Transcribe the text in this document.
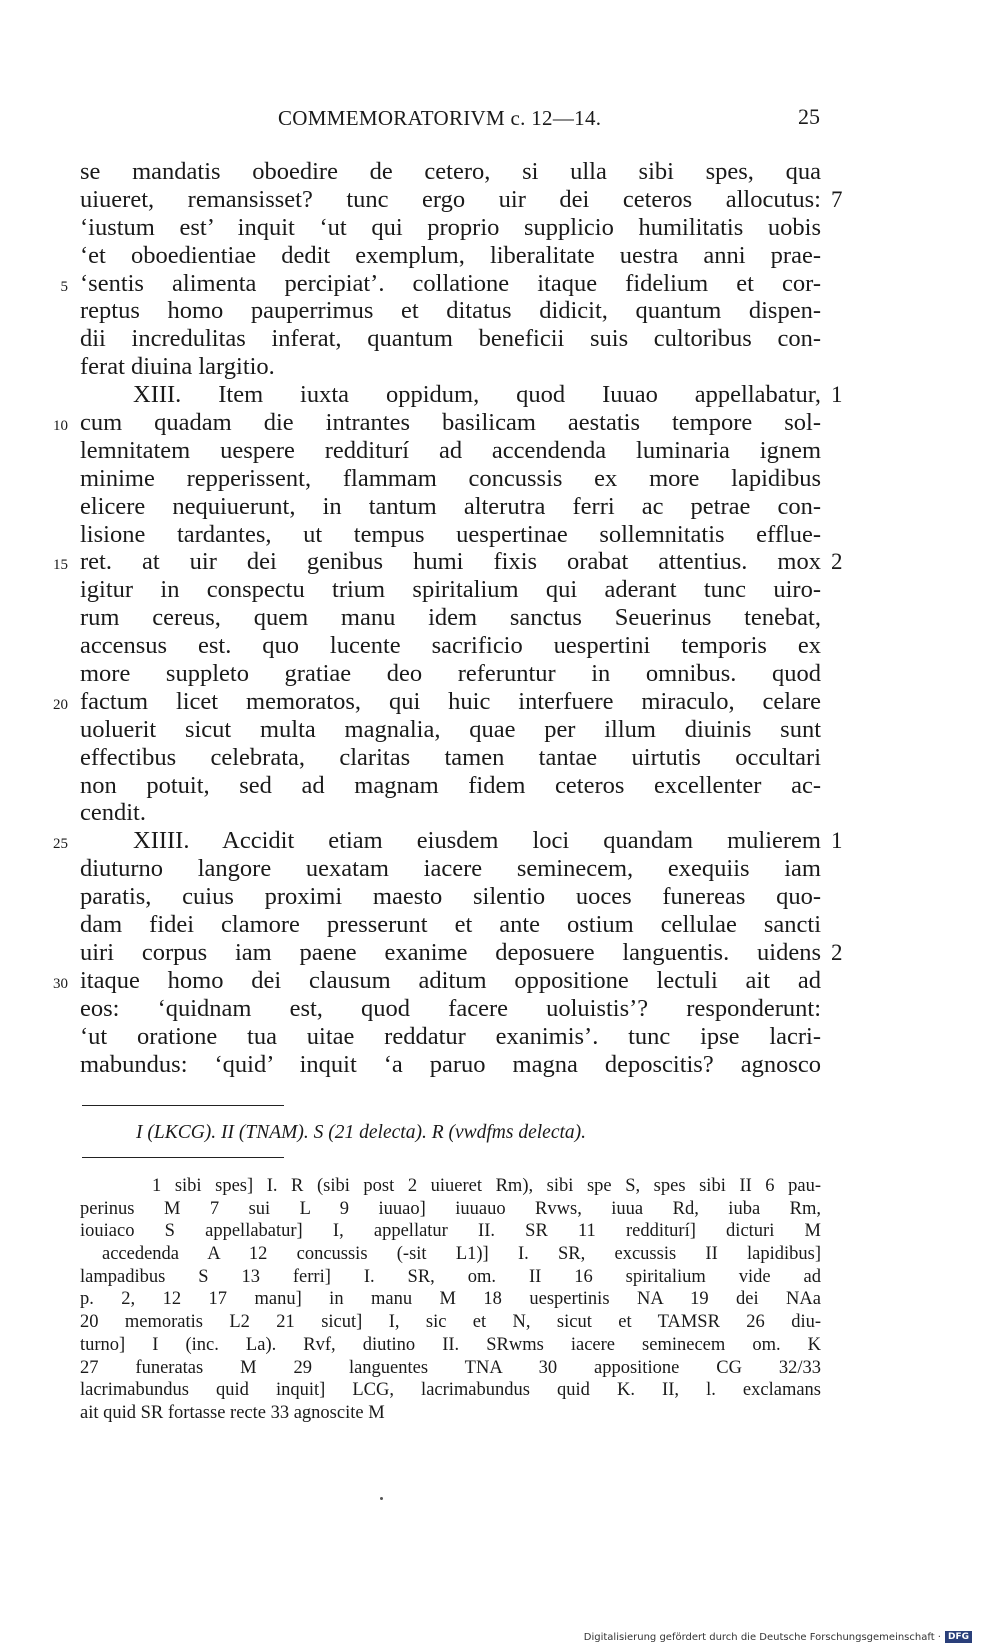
COMMEMORATORIVM c. 12—14.	25
se mandatis oboedire de cetero, si ulla sibi spes, qua
uiueret, remansisset? tunc ergo uir dei ceteros allocutus: 7
‘iustum est’ inquit ‘ut qui proprio supplicio humilitatis uobis
‘et oboedientiae dedit exemplum, liberalitate uestra anni prae-
5 ‘sentis alimenta percipiat’. collatione itaque fidelium et cor-
reptus homo pauperrimus et ditatus didicit, quantum dispen-
dii incredulitas inferat, quantum beneficii suis cultoribus con-
ferat diuina largitio.
XIII. Item iuxta oppidum, quod Iuuao appellabatur, 1
10 cum quadam die intrantes basilicam aestatis tempore sol-
lemnitatem uespere redditurí ad accendenda luminaria ignem
minime repperissent, flammam concussis ex more lapidibus
elicere nequiuerunt, in tantum alterutra ferri ac petrae con-
lisione tardantes, ut tempus uespertinae sollemnitatis efflue-
15 ret. at uir dei genibus humi fixis orabat attentius. mox 2
igitur in conspectu trium spiritalium qui aderant tunc uiro-
rum cereus, quem manu idem sanctus Seuerinus tenebat,
accensus est. quo lucente sacrificio uespertini temporis ex
more suppleto gratiae deo referuntur in omnibus. quod
20 factum licet memoratos, qui huic interfuere miraculo, celare
uoluerit sicut multa magnalia, quae per illum diuinis sunt
effectibus celebrata, claritas tamen tantae uirtutis occultari
non potuit, sed ad magnam fidem ceteros excellenter ac-
cendit.
25	XIIII. Accidit etiam eiusdem loci quandam mulierem 1
diuturno langore uexatam iacere seminecem, exequiis iam
paratis, cuius proximi maesto silentio uoces funereas quo-
dam fidei clamore presserunt et ante ostium cellulae sancti
uiri corpus iam paene exanime deposuere languentis. uidens 2
30 itaque homo dei clausum aditum oppositione lectuli ait ad
eos: ‘quidnam est, quod facere uoluistis’? responderunt:
‘ut oratione tua uitae reddatur exanimis’. tunc ipse lacri-
mabundus: ‘quid’ inquit ‘a paruo magna deposcitis? agnosco
I (LKCG). II (TNAM). S (21 delecta). R (vwdfms delecta).
1 sibi spes] I. R (sibi post 2 uiueret Rm), sibi spe S, spes sibi II 6 pau-
perinus M 7 sui L 9 iuuao] iuuauo Rvws, iuua Rd, iuba Rm,
iouiaco S appellabatur] I, appellatur II. SR 11 redditurí] dicturi M
accedenda A 12 concussis (-sit L1)] I. SR, excussis II lapidibus]
lampadibus S 13 ferri] I. SR, om. II 16 spiritalium vide ad
p. 2, 12 17 manu] in manu M 18 uespertinis NA 19 dei NAa
20 memoratis L2 21 sicut] I, sic et N, sicut et TAMSR 26 diu-
turno] I (inc. La). Rvf, diutino II. SRwms iacere seminecem om. K
27 funeratas M 29 languentes TNA 30 appositione CG 32/33
lacrimabundus quid inquit] LCG, lacrimabundus quid K. II, l. exclamans
ait quid SR fortasse recte 33 agnoscite M
Digitalisierung gefördert durch die Deutsche Forschungsgemeinschaft · DFG
